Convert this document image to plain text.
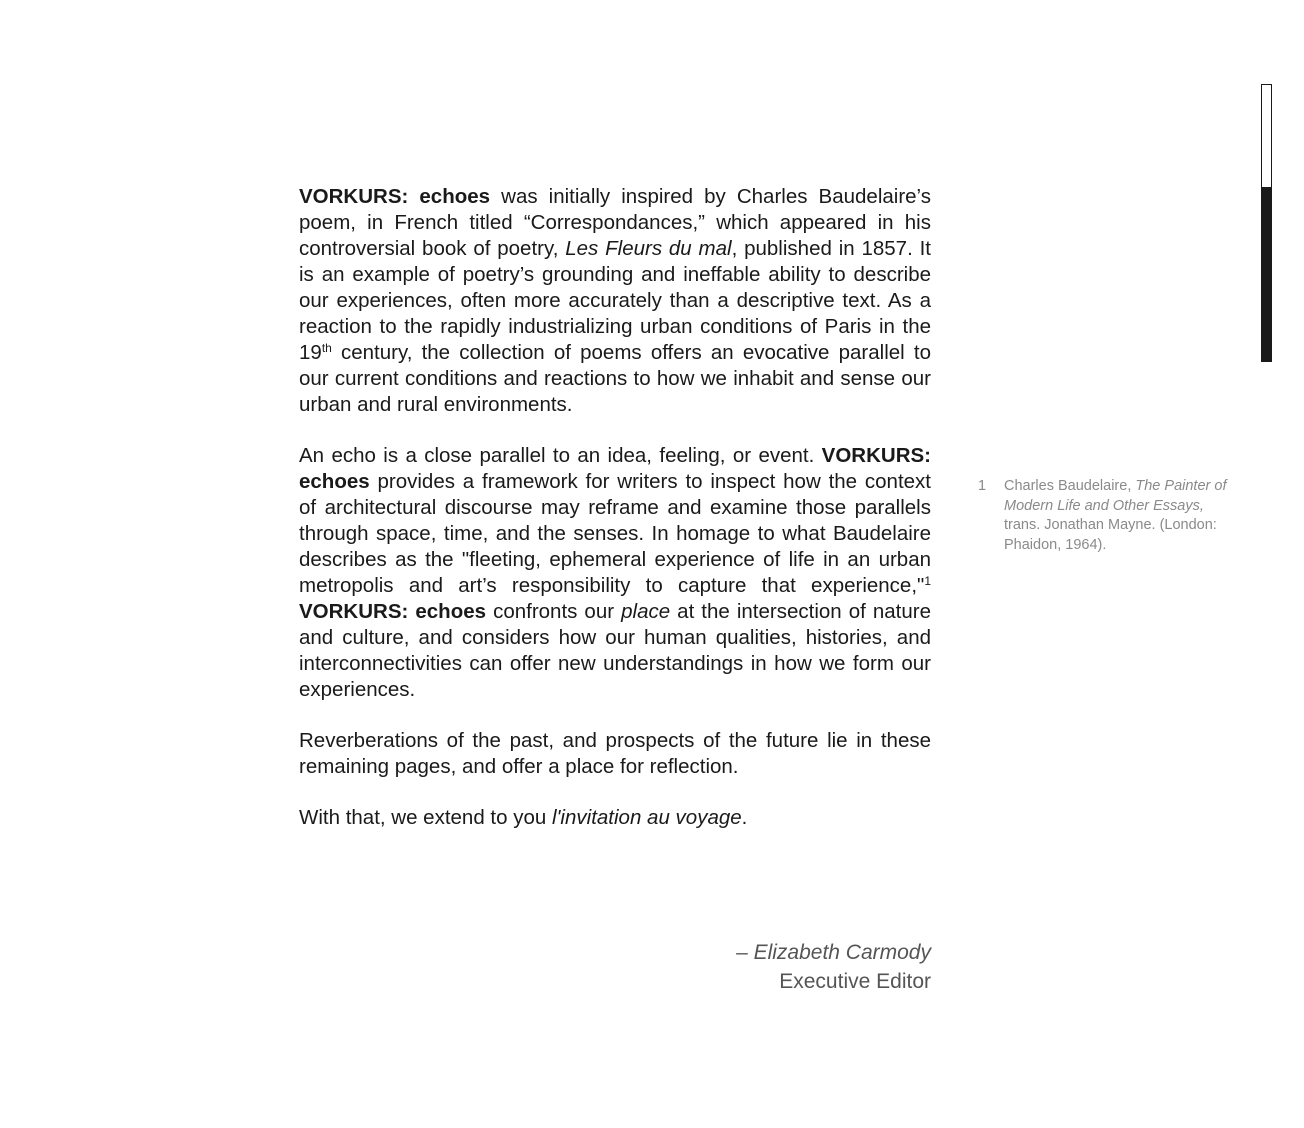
VORKURS: echoes was initially inspired by Charles Baudelaire’s poem, in French titled “Correspondances,” which appeared in his controversial book of poetry, Les Fleurs du mal, published in 1857. It is an example of poetry’s grounding and ineffable ability to describe our experiences, often more accurately than a descriptive text. As a reaction to the rapidly industrializing urban conditions of Paris in the 19th century, the collection of poems offers an evocative parallel to our current conditions and reactions to how we inhabit and sense our urban and rural environments.

An echo is a close parallel to an idea, feeling, or event. VORKURS: echoes provides a framework for writers to inspect how the context of architectural discourse may reframe and examine those parallels through space, time, and the senses. In homage to what Baudelaire describes as the "fleeting, ephemeral experience of life in an urban metropolis and art’s responsibility to capture that experience,"$^1$ VORKURS: echoes confronts our place at the intersection of nature and culture, and considers how our human qualities, histories, and interconnectivities can offer new understandings in how we form our experiences.

Reverberations of the past, and prospects of the future lie in these remaining pages, and offer a place for reflection.

With that, we extend to you l'invitation au voyage.

– Elizabeth Carmody
Executive Editor
1	Charles Baudelaire, The Painter of Modern Life and Other Essays, trans. Jonathan Mayne. (London: Phaidon, 1964).
